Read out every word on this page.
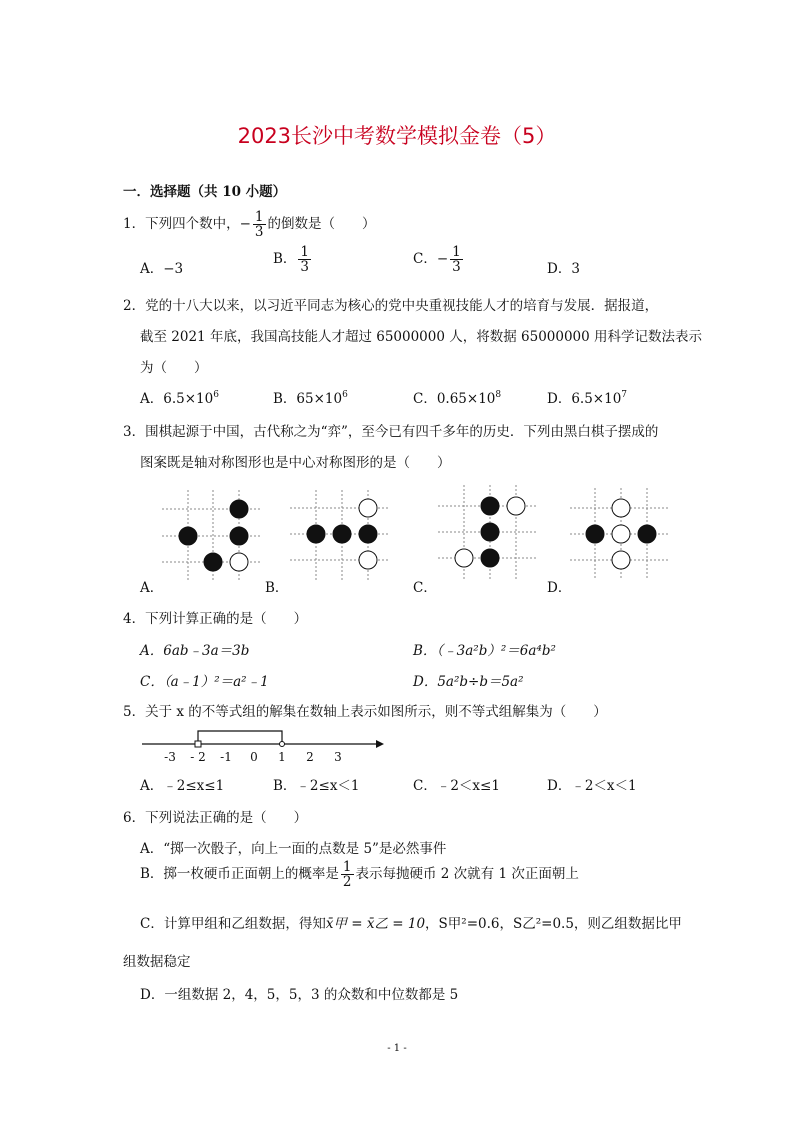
2023长沙中考数学模拟金卷（5）
一．选择题（共 10 小题）
1．下列四个数中，− $\frac{1}{3}$ 的倒数是（　　）
A．−3
B． $\frac{1}{3}$	C．− $\frac{1}{3}$	D．3
2．党的十八大以来，以习近平同志为核心的党中央重视技能人才的培育与发展．据报道，
截至 2021 年底，我国高技能人才超过 65000000 人，将数据 65000000 用科学记数法表示
为（　　）
A．$6.5\times 10^6$	B．$65\times 10^6$	C．$0.65\times 10^8$	D．$6.5\times 10^7$
3．围棋起源于中国，古代称之为“弈”，至今已有四千多年的历史．下列由黑白棋子摆成的
图案既是轴对称图形也是中心对称图形的是（　　）
A．	B．	C．	D．
4．下列计算正确的是（　　）
A．6ab﹣3a＝3b	B．（﹣3a²b）²＝6a⁴b²
C．（a﹣1）²＝a²﹣1	D．5a²b÷b＝5a²
5．关于 x 的不等式组的解集在数轴上表示如图所示，则不等式组解集为（　　）
-3 - 2 -1 0 1 2 3
A．﹣2≤x≤1	B．﹣2≤x＜1	C．﹣2＜x≤1	D．﹣2＜x＜1
6．下列说法正确的是（　　）
A．“掷一次骰子，向上一面的点数是 5”是必然事件
B．掷一枚硬币正面朝上的概率是 $\frac{1}{2}$ 表示每抛硬币 2 次就有 1 次正面朝上
C．计算甲组和乙组数据，得知x̄甲 = x̄乙 = 10，S甲²=0.6，S乙²=0.5，则乙组数据比甲
组数据稳定
D．一组数据 2，4，5，5，3 的众数和中位数都是 5
- 1 -
